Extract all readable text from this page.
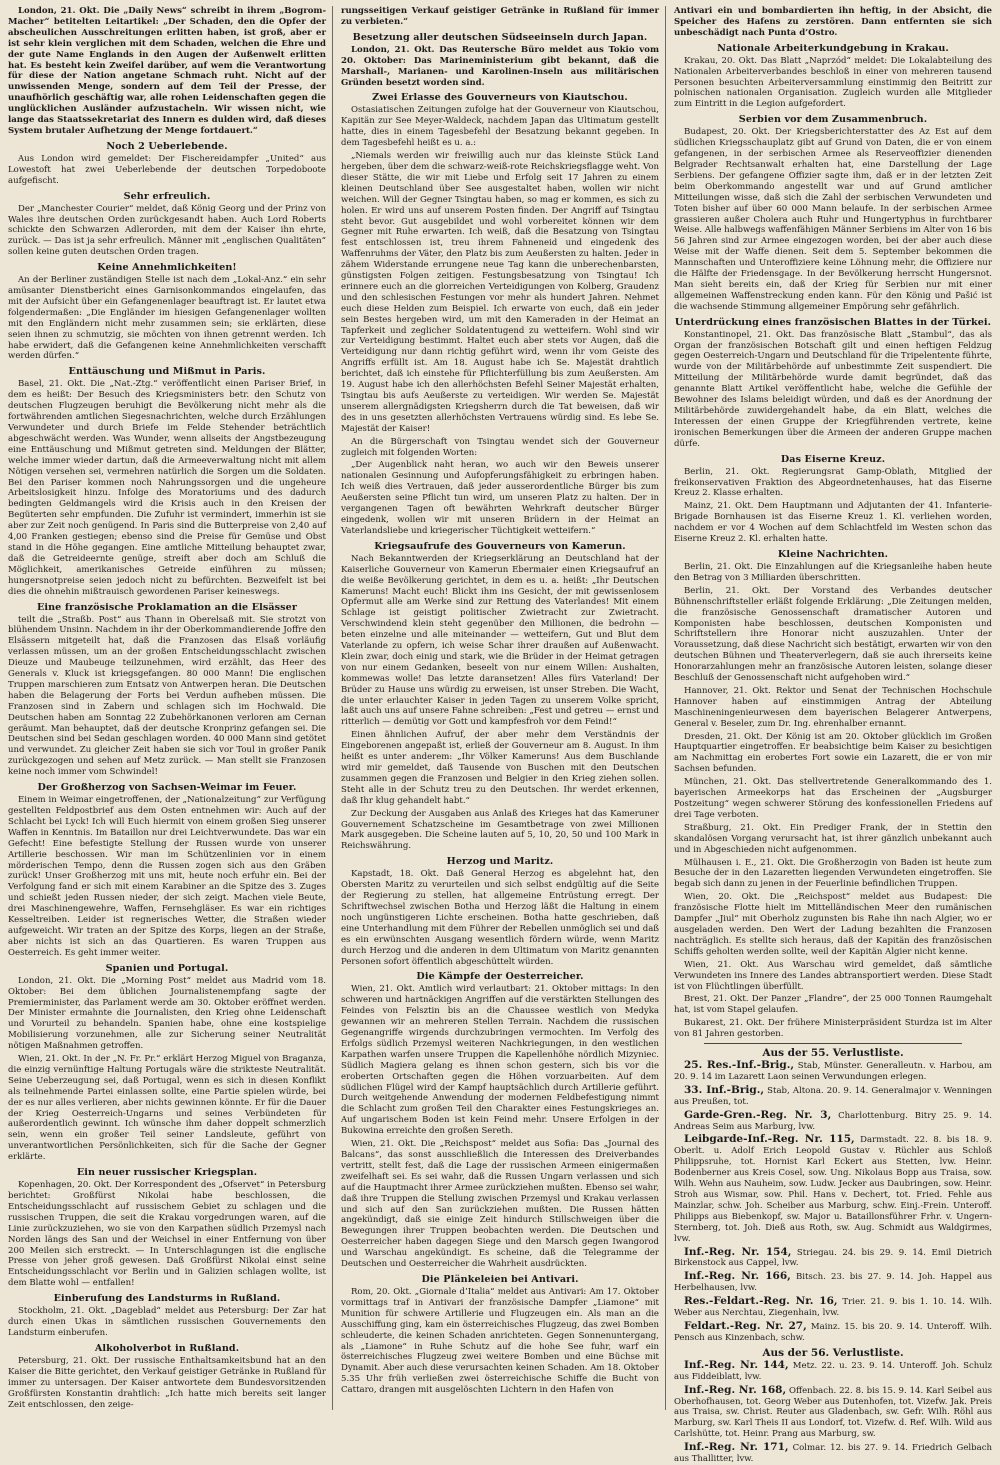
London, 21. Okt. Die „Daily News“ schreibt in ihrem „Bogrom-Macher“ betitelten Leitartikel: „Der Schaden, den die Opfer der abscheulichen Ausschreitungen erlitten haben, ist groß, aber er ist sehr klein verglichen mit dem Schaden, welchen die Ehre und der gute Name Englands in den Augen der Außenwelt erlitten hat. Es besteht kein Zweifel darüber, auf wem die Verantwortung für diese der Nation angetane Schmach ruht. Nicht auf der unwissenden Menge, sondern auf dem Teil der Presse, der unaufhörlich geschäftig war, alle rohen Leidenschaften gegen die unglücklichen Ausländer aufzustacheln. Wir wissen nicht, wie lange das Staatssekretariat des Innern es dulden wird, daß dieses System brutaler Aufhetzung der Menge fortdauert.“

Noch 2 Ueberlebende.

Aus London wird gemeldet: Der Fischereidampfer „United“ aus Lowestoft hat zwei Ueberlebende der deutschen Torpedoboote aufgefischt.

Sehr erfreulich.

Der „Manchester Courier“ meldet, daß König Georg und der Prinz von Wales ihre deutschen Orden zurückgesandt haben. Auch Lord Roberts schickte den Schwarzen Adlerorden, mit dem der Kaiser ihn ehrte, zurück. — Das ist ja sehr erfreulich. Männer mit „englischen Qualitäten“ sollen keine guten deutschen Orden tragen.

Keine Annehmlichkeiten!

An der Berliner zuständigen Stelle ist nach dem „Lokal-Anz.“ ein sehr amüsanter Dienstbericht eines Garnisonkommandos eingelaufen, das mit der Aufsicht über ein Gefangenenlager beauftragt ist. Er lautet etwa folgendermaßen: „Die Engländer im hiesigen Gefangenenlager wollten mit den Engländern nicht mehr zusammen sein; sie erklärten, diese seien ihnen zu schmutzig, sie möchten von ihnen getrennt werden. Ich habe erwidert, daß die Gefangenen keine Annehmlichkeiten verschafft werden dürfen.“

Enttäuschung und Mißmut in Paris.

Basel, 21. Okt. Die „Nat.-Ztg.“ veröffentlicht einen Pariser Brief, in dem es heißt: Der Besuch des Kriegsministers betr. den Schutz von deutschen Flugzeugen beruhigt die Bevölkerung nicht mehr als die fortwährenden amtlichen Siegesnachrichten, welche durch Erzählungen Verwundeter und durch Briefe im Felde Stehender beträchtlich abgeschwächt werden. Was Wunder, wenn allseits der Angstbezeugung eine Enttäuschung und Mißmut getreten sind. Meldungen der Blätter, welche immer wieder dartun, daß die Armeeverwaltung nicht mit allem Nötigen versehen sei, vermehren natürlich die Sorgen um die Soldaten. Bei den Pariser kommen noch Nahrungssorgen und die ungeheure Arbeitslosigkeit hinzu. Infolge des Moratoriums und des dadurch bedingten Geldmangels wird die Krisis auch in den Kreisen der Begüterten sehr empfunden. Die Zufuhr ist vermindert, immerhin ist sie aber zur Zeit noch genügend. In Paris sind die Butterpreise von 2,40 auf 4,00 Franken gestiegen; ebenso sind die Preise für Gemüse und Obst stand in die Höhe gegangen. Eine amtliche Mitteilung behauptet zwar, daß die Getreideernte genüge, streift aber doch am Schluß die Möglichkeit, amerikanisches Getreide einführen zu müssen; hungersnotpreise seien jedoch nicht zu befürchten. Bezweifelt ist bei dies die ohnehin mißtrauisch gewordenen Pariser keineswegs.

Eine französische Proklamation an die Elsässer

teilt die „Straßb. Post“ aus Thann in Oberelsaß mit. Sie strotzt von blühendem Unsinn. Nachdem in ihr der Oberkommandierende Joffre den Elsässern mitgeteilt hat, daß die Franzosen das Elsaß vorläufig verlassen müssen, um an der großen Entscheidungsschlacht zwischen Dieuze und Maubeuge teilzunehmen, wird erzählt, das Heer des Generals v. Kluck ist kriegsgefangen. 80 000 Mann! Die englischen Truppen marschieren zum Entsatz von Antwerpen heran. Die Deutschen haben die Belagerung der Forts bei Verdun aufheben müssen. Die Franzosen sind in Zabern und schlagen sich im Hochwald. Die Deutschen haben am Sonntag 22 Zubehörkanonen verloren am Cernan geräumt. Man behauptet, daß der deutsche Kronprinz gefangen sei. Die Deutschen sind bei Sedan geschlagen worden. 40 000 Mann sind getötet und verwundet. Zu gleicher Zeit haben sie sich vor Toul in großer Panik zurückgezogen und sehen auf Metz zurück. — Man stellt sie Franzosen keine noch immer vom Schwindel!

Der Großherzog von Sachsen-Weimar im Feuer.

Einem in Weimar eingetroffenen, der „Nationalzeitung“ zur Verfügung gestellten Feldpostbrief aus dem Osten entnehmen wir: Auch auf der Schlacht bei Lyck! Ich will Euch hiermit von einem großen Sieg unserer Waffen in Kenntnis. Im Bataillon nur drei Leichtverwundete. Das war ein Gefecht! Eine befestigte Stellung der Russen wurde von unserer Artillerie beschossen. Wir man im Schützenlinien vor in einem mörderischen Tempo, denn die Russen zogen sich aus den Gräben zurück! Unser Großherzog mit uns mit, heute noch erfuhr ein. Bei der Verfolgung fand er sich mit einem Karabiner an die Spitze des 3. Zuges und schießt jeden Russen nieder, der sich zeigt. Machen viele Beute, drei Maschinengewehre, Waffen, Fernsehgläser. Es war ein richtiges Kesseltreiben. Leider ist regnerisches Wetter, die Straßen wieder aufgeweicht. Wir traten an der Spitze des Korps, liegen an der Straße, aber nichts ist sich an das Quartieren. Es waren Truppen aus Oesterreich. Es geht immer weiter.

Spanien und Portugal.

London, 21. Okt. Die „Morning Post“ meldet aus Madrid vom 18. Oktober: Bei dem üblichen Journalistenempfang sagte der Premierminister, das Parlament werde am 30. Oktober eröffnet werden. Der Minister ermahnte die Journalisten, den Krieg ohne Leidenschaft und Vorurteil zu behandeln. Spanien habe, ohne eine kostspielige Mobilisierung vorzunehmen, alle zur Sicherung seiner Neutralität nötigen Maßnahmen getroffen.

Wien, 21. Okt. In der „N. Fr. Pr.“ erklärt Herzog Miguel von Braganza, die einzig vernünftige Haltung Portugals wäre die strikteste Neutralität. Seine Ueberzeugung sei, daß Portugal, wenn es sich in diesen Konflikt als teilnehmende Partei einlassen sollte, eine Partie spielen würde, bei der es nur alles verlieren, aber nichts gewinnen könnte. Er für die Dauer der Krieg Oesterreich-Ungarns und seines Verbündeten für außerordentlich gewinnt. Ich wünsche ihm daher doppelt schmerzlich sein, wenn ein großer Teil seiner Landsleute, geführt von unverantwortlichen Persönlichkeiten, sich für die Sache der Gegner erklärte.

Ein neuer russischer Kriegsplan.

Kopenhagen, 20. Okt. Der Korrespondent des „Ofservet“ in Petersburg berichtet: Großfürst Nikolai habe beschlossen, die Entscheidungsschlacht auf russischem Gebiet zu schlagen und die russischen Truppen, die seit die Krakau vorgedrungen waren, auf die Linie zurückzuziehen, wo sie von den Karpathen südlich Przemysl nach Norden längs des San und der Weichsel in einer Entfernung von über 200 Meilen sich erstreckt. — In Unterschlagungen ist die englische Presse von jeher groß gewesen. Daß Großfürst Nikolai einst seine Entscheidungsschlacht vor Berlin und in Galizien schlagen wollte, ist dem Blatte wohl — entfallen!

Einberufung des Landsturms in Rußland.

Stockholm, 21. Okt. „Dageblad“ meldet aus Petersburg: Der Zar hat durch einen Ukas in sämtlichen russischen Gouvernements den Landsturm einberufen.

Alkoholverbot in Rußland.

Petersburg, 21. Okt. Der russische Enthaltsamkeitsbund hat an den Kaiser die Bitte gerichtet, den Verkauf geistiger Getränke in Rußland für immer zu untersagen. Der Kaiser antwortete dem Bundesvorsitzenden Großfürsten Konstantin drahtlich: „Ich hatte mich bereits seit langer Zeit entschlossen, den zeige-

rungsseitigen Verkauf geistiger Getränke in Rußland für immer zu verbieten.“

Besetzung aller deutschen Südseeinseln durch Japan.

London, 21. Okt. Das Reutersche Büro meldet aus Tokio vom 20. Oktober: Das Marineministerium gibt bekannt, daß die Marshall-, Marianen- und Karolinen-Inseln aus militärischen Gründen besetzt worden sind.

Zwei Erlasse des Gouverneurs von Kiautschou.

Ostasiatischen Zeitungen zufolge hat der Gouverneur von Kiautschou, Kapitän zur See Meyer-Waldeck, nachdem Japan das Ultimatum gestellt hatte, dies in einem Tagesbefehl der Besatzung bekannt gegeben. In dem Tagesbefehl heißt es u. a.:

„Niemals werden wir freiwillig auch nur das kleinste Stück Land hergeben, über dem die schwarz-weiß-rote Reichskriegsflagge weht. Von dieser Stätte, die wir mit Liebe und Erfolg seit 17 Jahren zu einem kleinen Deutschland über See ausgestaltet haben, wollen wir nicht weichen. Will der Gegner Tsingtau haben, so mag er kommen, es sich zu holen. Er wird uns auf unserem Posten finden. Der Angriff auf Tsingtau steht bevor. Gut ausgebildet und wohl vorbereitet können wir dem Gegner mit Ruhe erwarten. Ich weiß, daß die Besatzung von Tsingtau fest entschlossen ist, treu ihrem Fahneneid und eingedenk des Waffenruhms der Väter, den Platz bis zum Aeußersten zu halten. Jeder in zähem Widerstande errungene neue Tag kann die unberechenbarsten, günstigsten Folgen zeitigen. Festungsbesatzung von Tsingtau! Ich erinnere euch an die glorreichen Verteidigungen von Kolberg, Graudenz und den schlesischen Festungen vor mehr als hundert Jahren. Nehmet euch diese Helden zum Beispiel. Ich erwarte von euch, daß ein jeder sein Bestes hergeben wird, um mit den Kameraden in der Heimat an Tapferkeit und zeglicher Soldatentugend zu wetteifern. Wohl sind wir zur Verteidigung bestimmt. Haltet euch aber stets vor Augen, daß die Verteidigung nur dann richtig geführt wird, wenn ihr vom Geiste des Angriffs erfüllt ist. Am 18. August habe ich Se. Majestät drahtlich berichtet, daß ich einstehe für Pflichterfüllung bis zum Aeußersten. Am 19. August habe ich den allerhöchsten Befehl Seiner Majestät erhalten, Tsingtau bis aufs Aeußerste zu verteidigen. Wir werden Se. Majestät unserem allergnädigsten Kriegsherrn durch die Tat beweisen, daß wir des in uns gesetzten allerhöchsten Vertrauens würdig sind. Es lebe Se. Majestät der Kaiser!

An die Bürgerschaft von Tsingtau wendet sich der Gouverneur zugleich mit folgenden Worten:

„Der Augenblick naht heran, wo auch wir den Beweis unserer nationalen Gesinnung und Aufopferungsfähigkeit zu erbringen haben. Ich weiß dies Vertrauen, daß jeder ausserordentliche Bürger bis zum Aeußersten seine Pflicht tun wird, um unseren Platz zu halten. Der in vergangenen Tagen oft bewährten Wehrkraft deutscher Bürger eingedenk, wollen wir mit unseren Brüdern in der Heimat an Vaterlandsliebe und kriegerischer Tüchtigkeit wetteifern.“

Kriegsaufrufe des Gouverneurs von Kamerun.

Nach Bekanntwerden der Kriegserklärung an Deutschland hat der Kaiserliche Gouverneur von Kamerun Ebermaier einen Kriegsaufruf an die weiße Bevölkerung gerichtet, in dem es u. a. heißt: „Ihr Deutschen Kameruns! Macht euch! Blickt ihm ins Gesicht, der mit gewissenlosem Opfermut alle am Werke sind zur Rettung des Vaterlandes! Mit einem Schlage ist geistigt politischer Zwietracht zur Zwietracht. Verschwindend klein steht gegenüber den Millionen, die bedrohn — beten einzelne und alle miteinander — wetteifern, Gut und Blut dem Vaterlande zu opfern, ich weise Schar ihrer draußen auf Außenwacht. Klein zwar, doch einig und stark, wie die Brüder in der Heimat getragen von nur einem Gedanken, beseelt von nur einem Willen: Aushalten, kommewas wolle! Das letzte daransetzen! Alles fürs Vaterland! Der Brüder zu Hause uns würdig zu erweisen, ist unser Streben. Die Wacht, die unter erlauchter Kaiser in jeden Tagen zu unserem Volke spricht, laßt auch uns auf unsere Fahne schreiben: „Fest und getreu — ernst und ritterlich — demütig vor Gott und kampfesfroh vor dem Feind!“

Einen ähnlichen Aufruf, der aber mehr dem Verständnis der Eingeborenen angepaßt ist, erließ der Gouverneur am 8. August. In ihm heißt es unter anderem: „Ihr Völker Kameruns! Aus dem Buschlande wird mir gemeldet, daß Tausende von Buschen mit den Deutschen zusammen gegen die Franzosen und Belgier in den Krieg ziehen sollen. Steht alle in der Schutz treu zu den Deutschen. Ihr werdet erkennen, daß Ihr klug gehandelt habt.“

Zur Deckung der Ausgaben aus Anlaß des Krieges hat das Kameruner Gouvernement Schatzscheine im Gesamtbetrage von zwei Millionen Mark ausgegeben. Die Scheine lauten auf 5, 10, 20, 50 und 100 Mark in Reichswährung.

Herzog und Maritz.

Kapstadt, 18. Okt. Daß General Herzog es abgelehnt hat, den Obersten Maritz zu verurteilen und sich selbst endgültig auf die Seite der Regierung zu stellen, hat allgemeine Entrüstung erregt. Der Schriftwechsel zwischen Botha und Herzog läßt die Haltung in einem noch ungünstigeren Lichte erscheinen. Botha hatte geschrieben, daß eine Unterhandlung mit dem Führer der Rebellen unmöglich sei und daß es ein erwünschten Ausgang wesentlich fördern würde, wenn Maritz durch Herzog und die anderen in dem Ultimatum von Maritz genannten Personen sofort öffentlich abgeschüttelt würden.

Die Kämpfe der Oesterreicher.

Wien, 21. Okt. Amtlich wird verlautbart: 21. Oktober mittags: In den schweren und hartnäckigen Angriffen auf die verstärkten Stellungen des Feindes von Felsztin bis an die Chaussee westlich von Medyka gewannen wir an mehreren Stellen Terrain. Nachdem die russischen Gegenangriffe wirgends durchzubringen vermochten. Im Verfolg des Erfolgs südlich Przemysl weiteren Nachkriegungen, in den westlichen Karpathen warfen unsere Truppen die Kapellenhöhe nördlich Mizyniec. Südlich Magiera gelang es ihnen schon gestern, sich bis vor die eroberten Ortschaften gegen die Höhen vorzuarbeiten. Auf dem südlichen Flügel wird der Kampf hauptsächlich durch Artillerie geführt. Durch weitgehende Anwendung der modernen Feldbefestigung nimmt die Schlacht zum großen Teil den Charakter eines Festungskrieges an. Auf ungarischem Boden ist kein Feind mehr. Unsere Erfolgen in der Bukowina erreichte den großen Sereth.

Wien, 21. Okt. Die „Reichspost“ meldet aus Sofia: Das „Journal des Balcans“, das sonst ausschließlich die Interessen des Dreiverbandes vertritt, stellt fest, daß die Lage der russischen Armeen einigermaßen zweifelhaft sei. Es sei wahr, daß die Russen Ungarn verlassen und sich auf die Hauptmacht ihrer Armee zurückziehen mußten. Ebenso sei wahr, daß ihre Truppen die Stellung zwischen Przemysl und Krakau verlassen und sich auf den San zurückziehen mußten. Die Russen hätten angekündigt, daß sie einige Zeit hindurch Stillschweigen über die Bewegungen ihrer Truppen beobachten werden. Die Deutschen und Oesterreicher haben dagegen Siege und den Marsch gegen Iwangorod und Warschau angekündigt. Es scheine, daß die Telegramme der Deutschen und Oesterreicher die Wahrheit ausdrückten.

Die Plänkeleien bei Antivari.

Rom, 20. Okt. „Giornale d’Italia“ meldet aus Antivari: Am 17. Oktober vormittags traf in Antivari der französische Dampfer „Liamone“ mit Munition für schwere Artillerie und Flugzeugen ein. Als man an die Ausschiffung ging, kam ein österreichisches Flugzeug, das zwei Bomben schleuderte, die keinen Schaden anrichteten. Gegen Sonnenuntergang, als „Liamone“ in Ruhe Schutz auf die hohe See fuhr, warf ein österreichisches Flugzeug zwei weitere Bomben und eine Büchse mit Dynamit. Aber auch diese verursachten keinen Schaden. Am 18. Oktober 5.35 Uhr früh verließen zwei österreichische Schiffe die Bucht von Cattaro, drangen mit ausgelöschten Lichtern in den Hafen von

Antivari ein und bombardierten ihn heftig, in der Absicht, die Speicher des Hafens zu zerstören. Dann entfernten sie sich unbeschädigt nach Punta d’Ostro.

Nationale Arbeiterkundgebung in Krakau.

Krakau, 20. Okt. Das Blatt „Naprzód“ meldet: Die Lokalabteilung des Nationalen Arbeiterverbandes beschloß in einer von mehreren tausend Personen besuchten Arbeiterversammlung einstimmig den Beitritt zur polnischen nationalen Organisation. Zugleich wurden alle Mitglieder zum Eintritt in die Legion aufgefordert.

Serbien vor dem Zusammenbruch.

Budapest, 20. Okt. Der Kriegsberichterstatter des Az Est auf dem südlichen Kriegsschauplatz gibt auf Grund von Daten, die er von einem gefangenen, in der serbischen Armee als Reserveoffizier dienenden Belgrader Rechtsanwalt erhalten hat, eine Darstellung der Lage Serbiens. Der gefangene Offizier sagte ihm, daß er in der letzten Zeit beim Oberkommando angestellt war und auf Grund amtlicher Mitteilungen wisse, daß sich die Zahl der serbischen Verwundeten und Toten bisher auf über 60 000 Mann belaufe. In der serbischen Armee grassieren außer Cholera auch Ruhr und Hungertyphus in furchtbarer Weise. Alle halbwegs waffenfähigen Männer Serbiens im Alter von 16 bis 56 Jahren sind zur Armee eingezogen worden, bei der aber auch diese Weise mit der Waffe dienen. Seit dem 5. September bekommen die Mannschaften und Unteroffiziere keine Löhnung mehr, die Offiziere nur die Hälfte der Friedensgage. In der Bevölkerung herrscht Hungersnot. Man sieht bereits ein, daß der Krieg für Serbien nur mit einer allgemeinen Waffenstreckung enden kann. Für den König und Pašić ist die wachsende Stimmung allgemeiner Empörung sehr gefährlich.

Unterdrückung eines französischen Blattes in der Türkei.

Konstantinopel, 21. Okt. Das französische Blatt „Stambul“, das als Organ der französischen Botschaft gilt und einen heftigen Feldzug gegen Oesterreich-Ungarn und Deutschland für die Tripelentente führte, wurde von der Militärbehörde auf unbestimmte Zeit suspendiert. Die Mitteilung der Militärbehörde wurde damit begründet, daß das genannte Blatt Artikel veröffentlicht habe, welche die Gefühle der Bewohner des Islams beleidigt würden, und daß es der Anordnung der Militärbehörde zuwidergehandelt habe, da ein Blatt, welches die Interessen der einen Gruppe der Kriegführenden vertrete, keine ironischen Bemerkungen über die Armeen der anderen Gruppe machen dürfe.

Das Eiserne Kreuz.

Berlin, 21. Okt. Regierungsrat Gamp-Oblath, Mitglied der freikonservativen Fraktion des Abgeordnetenhauses, hat das Eiserne Kreuz 2. Klasse erhalten.

Mainz, 21. Okt. Dem Hauptmann und Adjutanten der 41. Infanterie-Brigade Bornhausen ist das Eiserne Kreuz 1. Kl. verliehen worden, nachdem er vor 4 Wochen auf dem Schlachtfeld im Westen schon das Eiserne Kreuz 2. Kl. erhalten hatte.

Kleine Nachrichten.

Berlin, 21. Okt. Die Einzahlungen auf die Kriegsanleihe haben heute den Betrag von 3 Milliarden überschritten.

Berlin, 21. Okt. Der Vorstand des Verbandes deutscher Bühnenschriftsteller erläßt folgende Erklärung: „Die Zeitungen melden, die französische Genossenschaft dramatischer Autoren und Komponisten habe beschlossen, deutschen Komponisten und Schriftstellern ihre Honorar nicht auszuzahlen. Unter der Voraussetzung, daß diese Nachricht sich bestätigt, erwarten wir von den deutschen Bühnen und Theaterverlegern, daß sie auch ihrerseits keine Honorarzahlungen mehr an französische Autoren leisten, solange dieser Beschluß der Genossenschaft nicht aufgehoben wird.“

Hannover, 21. Okt. Rektor und Senat der Technischen Hochschule Hannover haben auf einstimmigen Antrag der Abteilung Maschineningenieurwesen dem bayerischen Belagerer Antwerpens, General v. Beseler, zum Dr. Ing. ehrenhalber ernannt.

Dresden, 21. Okt. Der König ist am 20. Oktober glücklich im Großen Hauptquartier eingetroffen. Er beabsichtige beim Kaiser zu besichtigen am Nachmittag ein erobertes Fort sowie ein Lazarett, die er von mir Sachsen befunden.

München, 21. Okt. Das stellvertretende Generalkommando des 1. bayerischen Armeekorps hat das Erscheinen der „Augsburger Postzeitung“ wegen schwerer Störung des konfessionellen Friedens auf drei Tage verboten.

Straßburg, 21. Okt. Ein Prediger Frank, der in Stettin den skandalösen Vorgang verursacht hat, ist ihrer gänzlich unbekannt auch und in Abgeschieden nicht aufgenommen.

Mülhausen i. E., 21. Okt. Die Großherzogin von Baden ist heute zum Besuche der in den Lazaretten liegenden Verwundeten eingetroffen. Sie begab sich dann zu jenen in der Feuerlinie befindlichen Truppen.

Wien, 20. Okt. Die „Reichspost“ meldet aus Budapest: Die französische Flotte hielt im Mittelländischen Meer den rumänischen Dampfer „Jiul“ mit Oberholz zugunsten bis Rahe ihn nach Algier, wo er ausgeladen werden. Den Wert der Ladung bezahlten die Franzosen nachträglich. Es stellte sich heraus, daß der Kapitän des französischen Schiffs geholten werden sollte, weil der Kapitän Algier nicht kenne.

Wien, 21. Okt. Aus Warschau wird gemeldet, daß sämtliche Verwundeten ins Innere des Landes abtransportiert werden. Diese Stadt ist von Flüchtlingen überfüllt.

Brest, 21. Okt. Der Panzer „Flandre“, der 25 000 Tonnen Raumgehalt hat, ist vom Stapel gelaufen.

Bukarest, 21. Okt. Der frühere Ministerpräsident Sturdza ist im Alter von 81 Jahren gestorben.

Aus der 55. Verlustliste.

25. Res.-Inf.-Brig., Stab, Münster. Generalleutn. v. Harbou, am 20. 9. 14 im Lazarett Laon seinen Verwundungen erlegen.

33. Inf.-Brig., Stab, Altona. 20. 9. 14. Generalmajor v. Wenningen aus Preußen, tot.

Garde-Gren.-Reg. Nr. 3, Charlottenburg. Bitry 25. 9. 14. Andreas Seim aus Marburg, lvw.

Leibgarde-Inf.-Reg. Nr. 115, Darmstadt. 22. 8. bis 18. 9. Oberlt. u. Adolf Erich Leopold Gustav v. Rüchler aus Schloß Philippsruhe, tot. Hornist Karl Eckert aus Stetten, lvw. Heinr. Bodenberner aus Kreis Cosel, sow. Ung. Nikolaus Bopp aus Traisa, sow. Wilh. Wehn aus Nauheim, sow. Ludw. Jecker aus Daubringen, sow. Heinr. Stroh aus Wismar, sow. Phil. Hans v. Dechert, tot. Fried. Fehle aus Mainzlar, schw. Joh. Scheiber aus Marburg, schw. Einj.-Frein. Unteroff. Philipps aus Biebenkopf, sw. Major u. Bataillonsführer Frhr. v. Ungern-Sternberg, tot. Joh. Dieß aus Roth, sw. Aug. Schmidt aus Waldgirmes, lvw.

Inf.-Reg. Nr. 154, Striegau. 24. bis 29. 9. 14. Emil Dietrich Birkenstock aus Cappel, lvw.

Inf.-Reg. Nr. 166, Bitsch. 23. bis 27. 9. 14. Joh. Happel aus Herbelhausen, lvw.

Res.-Feldart.-Reg. Nr. 16, Trier. 21. 9. bis 1. 10. 14. Wilh. Weber aus Nerchtau, Ziegenhain, lvw.

Feldart.-Reg. Nr. 27, Mainz. 15. bis 20. 9. 14. Unteroff. Wilh. Pensch aus Kinzenbach, schw.

Aus der 56. Verlustliste.

Inf.-Reg. Nr. 144, Metz. 22. u. 23. 9. 14. Unteroff. Joh. Schulz aus Fiddeiblatt, lvw.

Inf.-Reg. Nr. 168, Offenbach. 22. 8. bis 15. 9. 14. Karl Seibel aus Oberhofhausen, tot. Georg Weber aus Dutenhofen, tot. Vizefw. Jak. Preis aus Traisa, sw. Christ. Reuter aus Gladenbach, sw. Gefr. Wilh. Röhl aus Marburg, sw. Karl Theis II aus Londorf, tot. Vizefw. d. Ref. Wilh. Wild aus Carlshütte, tot. Heinr. Prang aus Marburg, sw.

Inf.-Reg. Nr. 171, Colmar. 12. bis 27. 9. 14. Friedrich Gelbach aus Thallitter, lvw.
